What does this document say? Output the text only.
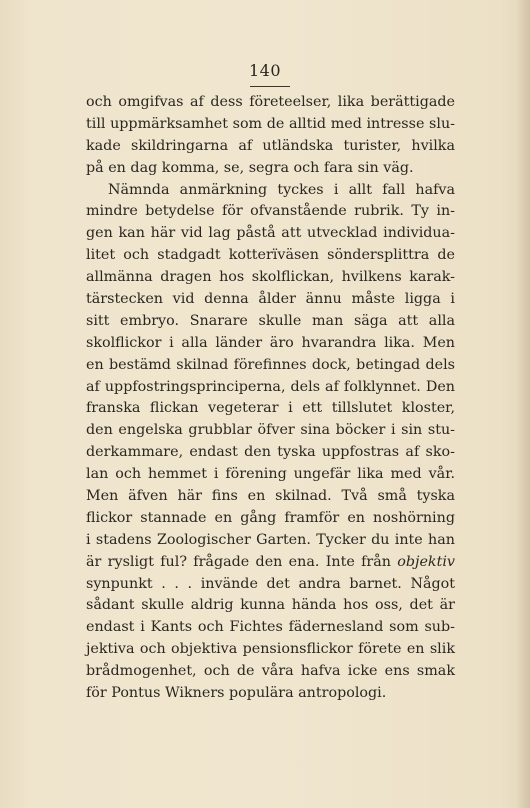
140
och omgifvas af dess företeelser, lika berättigade
till uppmärksamhet som de alltid med intresse slu-
kade skildringarna af utländska turister, hvilka
på en dag komma, se, segra och fara sin väg.
Nämnda anmärkning tyckes i allt fall hafva
mindre betydelse för ofvanstående rubrik. Ty in-
gen kan här vid lag påstå att utvecklad individua-
litet och stadgadt kotterïväsen söndersplittra de
allmänna dragen hos skolflickan, hvilkens karak-
tärstecken vid denna ålder ännu måste ligga i
sitt embryo. Snarare skulle man säga att alla
skolflickor i alla länder äro hvarandra lika. Men
en bestämd skilnad förefinnes dock, betingad dels
af uppfostringsprinciperna, dels af folklynnet. Den
franska flickan vegeterar i ett tillslutet kloster,
den engelska grubblar öfver sina böcker i sin stu-
derkammare, endast den tyska uppfostras af sko-
lan och hemmet i förening ungefär lika med vår.
Men äfven här fins en skilnad. Två små tyska
flickor stannade en gång framför en noshörning
i stadens Zoologischer Garten. Tycker du inte han
är rysligt ful? frågade den ena. Inte från objektiv
synpunkt . . . invände det andra barnet. Något
sådant skulle aldrig kunna hända hos oss, det är
endast i Kants och Fichtes fädernesland som sub-
jektiva och objektiva pensionsflickor förete en slik
brådmogenhet, och de våra hafva icke ens smak
för Pontus Wikners populära antropologi.
